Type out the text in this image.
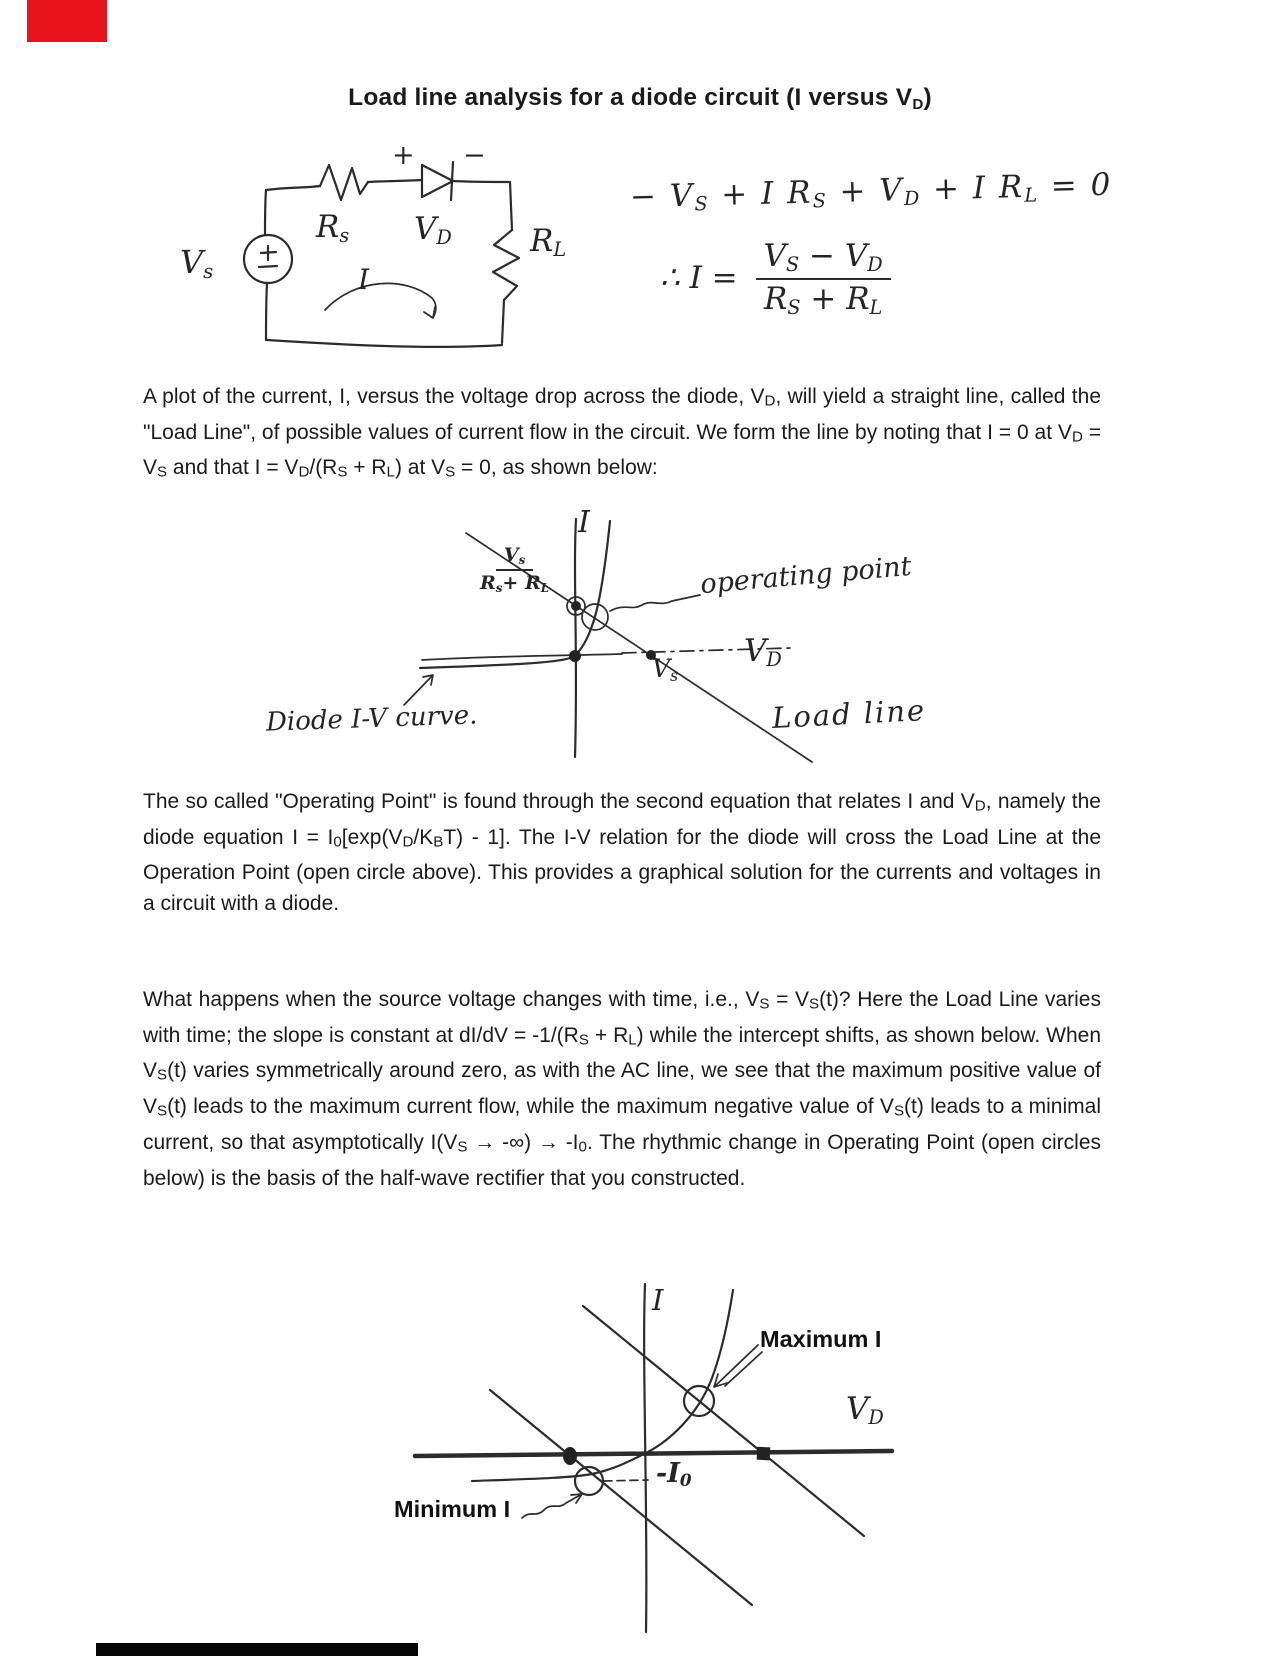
Load line analysis for a diode circuit (I versus $V_D$)
$V_s$
$R_s$ $V_D$	$R_L$
I
+ −
− $V_S + I$ $R_S + V_D + I$ $R_L = 0$
∴ $I = \frac{V_S - V_D}{R_S + R_L}$
A plot of the current, I, versus the voltage drop across the diode, VD, will yield a straight line, called the "Load Line", of possible values of current flow in the circuit. We form the line by noting that I = 0 at VD = VS and that I = VD/(RS + RL) at VS = 0, as shown below:
I
$\frac{V_s}{R_s+ R_L}$	operating point
$V_D$
$V_s$
Load line
Diode I-V curve.
The so called "Operating Point" is found through the second equation that relates I and VD, namely the diode equation I = I0[exp(VD/KBT) - 1]. The I-V relation for the diode will cross the Load Line at the Operation Point (open circle above). This provides a graphical solution for the currents and voltages in a circuit with a diode.
What happens when the source voltage changes with time, i.e., VS = VS(t)? Here the Load Line varies with time; the slope is constant at dI/dV = -1/(RS + RL) while the intercept shifts, as shown below. When VS(t) varies symmetrically around zero, as with the AC line, we see that the maximum positive value of VS(t) leads to the maximum current flow, while the maximum negative value of VS(t) leads to a minimal current, so that asymptotically I(VS → -∞) → -I0. The rhythmic change in Operating Point (open circles below) is the basis of the half-wave rectifier that you constructed.
I
$V_D$
Maximum I
Minimum I
$-I_0$
